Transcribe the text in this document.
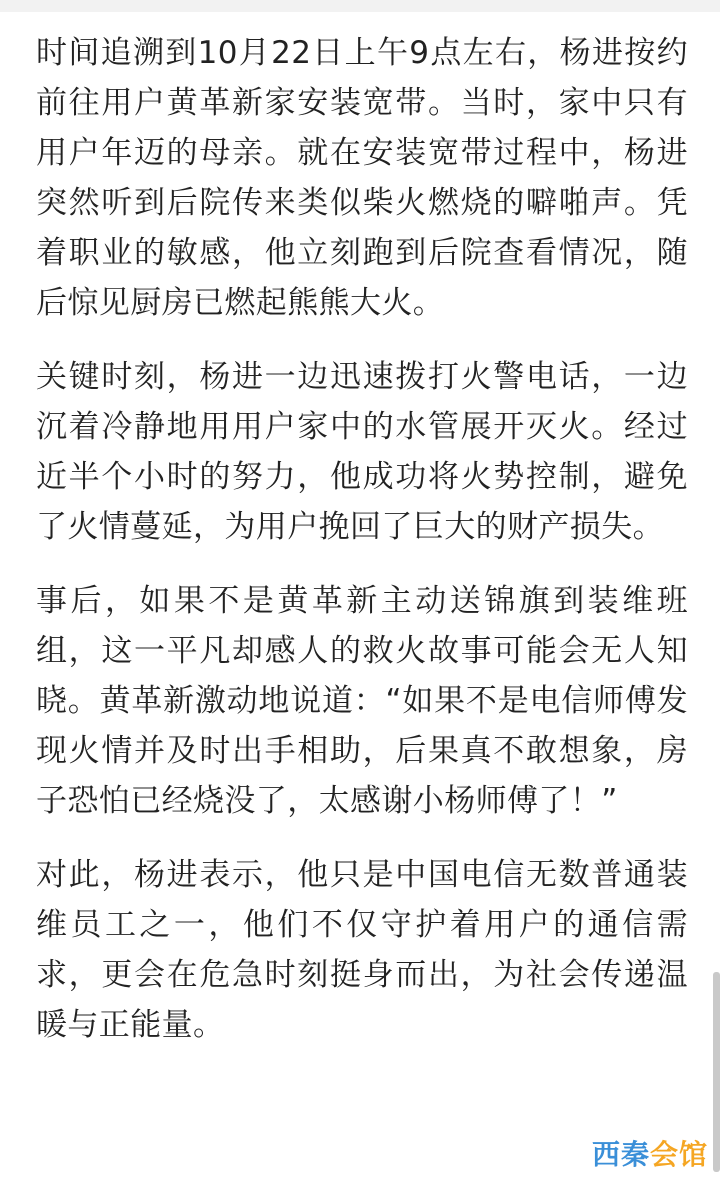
时间追溯到10月22日上午9点左右，杨进按约前往用户黄革新家安装宽带。当时，家中只有用户年迈的母亲。就在安装宽带过程中，杨进突然听到后院传来类似柴火燃烧的噼啪声。凭着职业的敏感，他立刻跑到后院查看情况，随后惊见厨房已燃起熊熊大火。

关键时刻，杨进一边迅速拨打火警电话，一边沉着冷静地用用户家中的水管展开灭火。经过近半个小时的努力，他成功将火势控制，避免了火情蔓延，为用户挽回了巨大的财产损失。

事后，如果不是黄革新主动送锦旗到装维班组，这一平凡却感人的救火故事可能会无人知晓。黄革新激动地说道：“如果不是电信师傅发现火情并及时出手相助，后果真不敢想象，房子恐怕已经烧没了，太感谢小杨师傅了！”

对此，杨进表示，他只是中国电信无数普通装维员工之一，他们不仅守护着用户的通信需求，更会在危急时刻挺身而出，为社会传递温暖与正能量。

西秦 会馆
